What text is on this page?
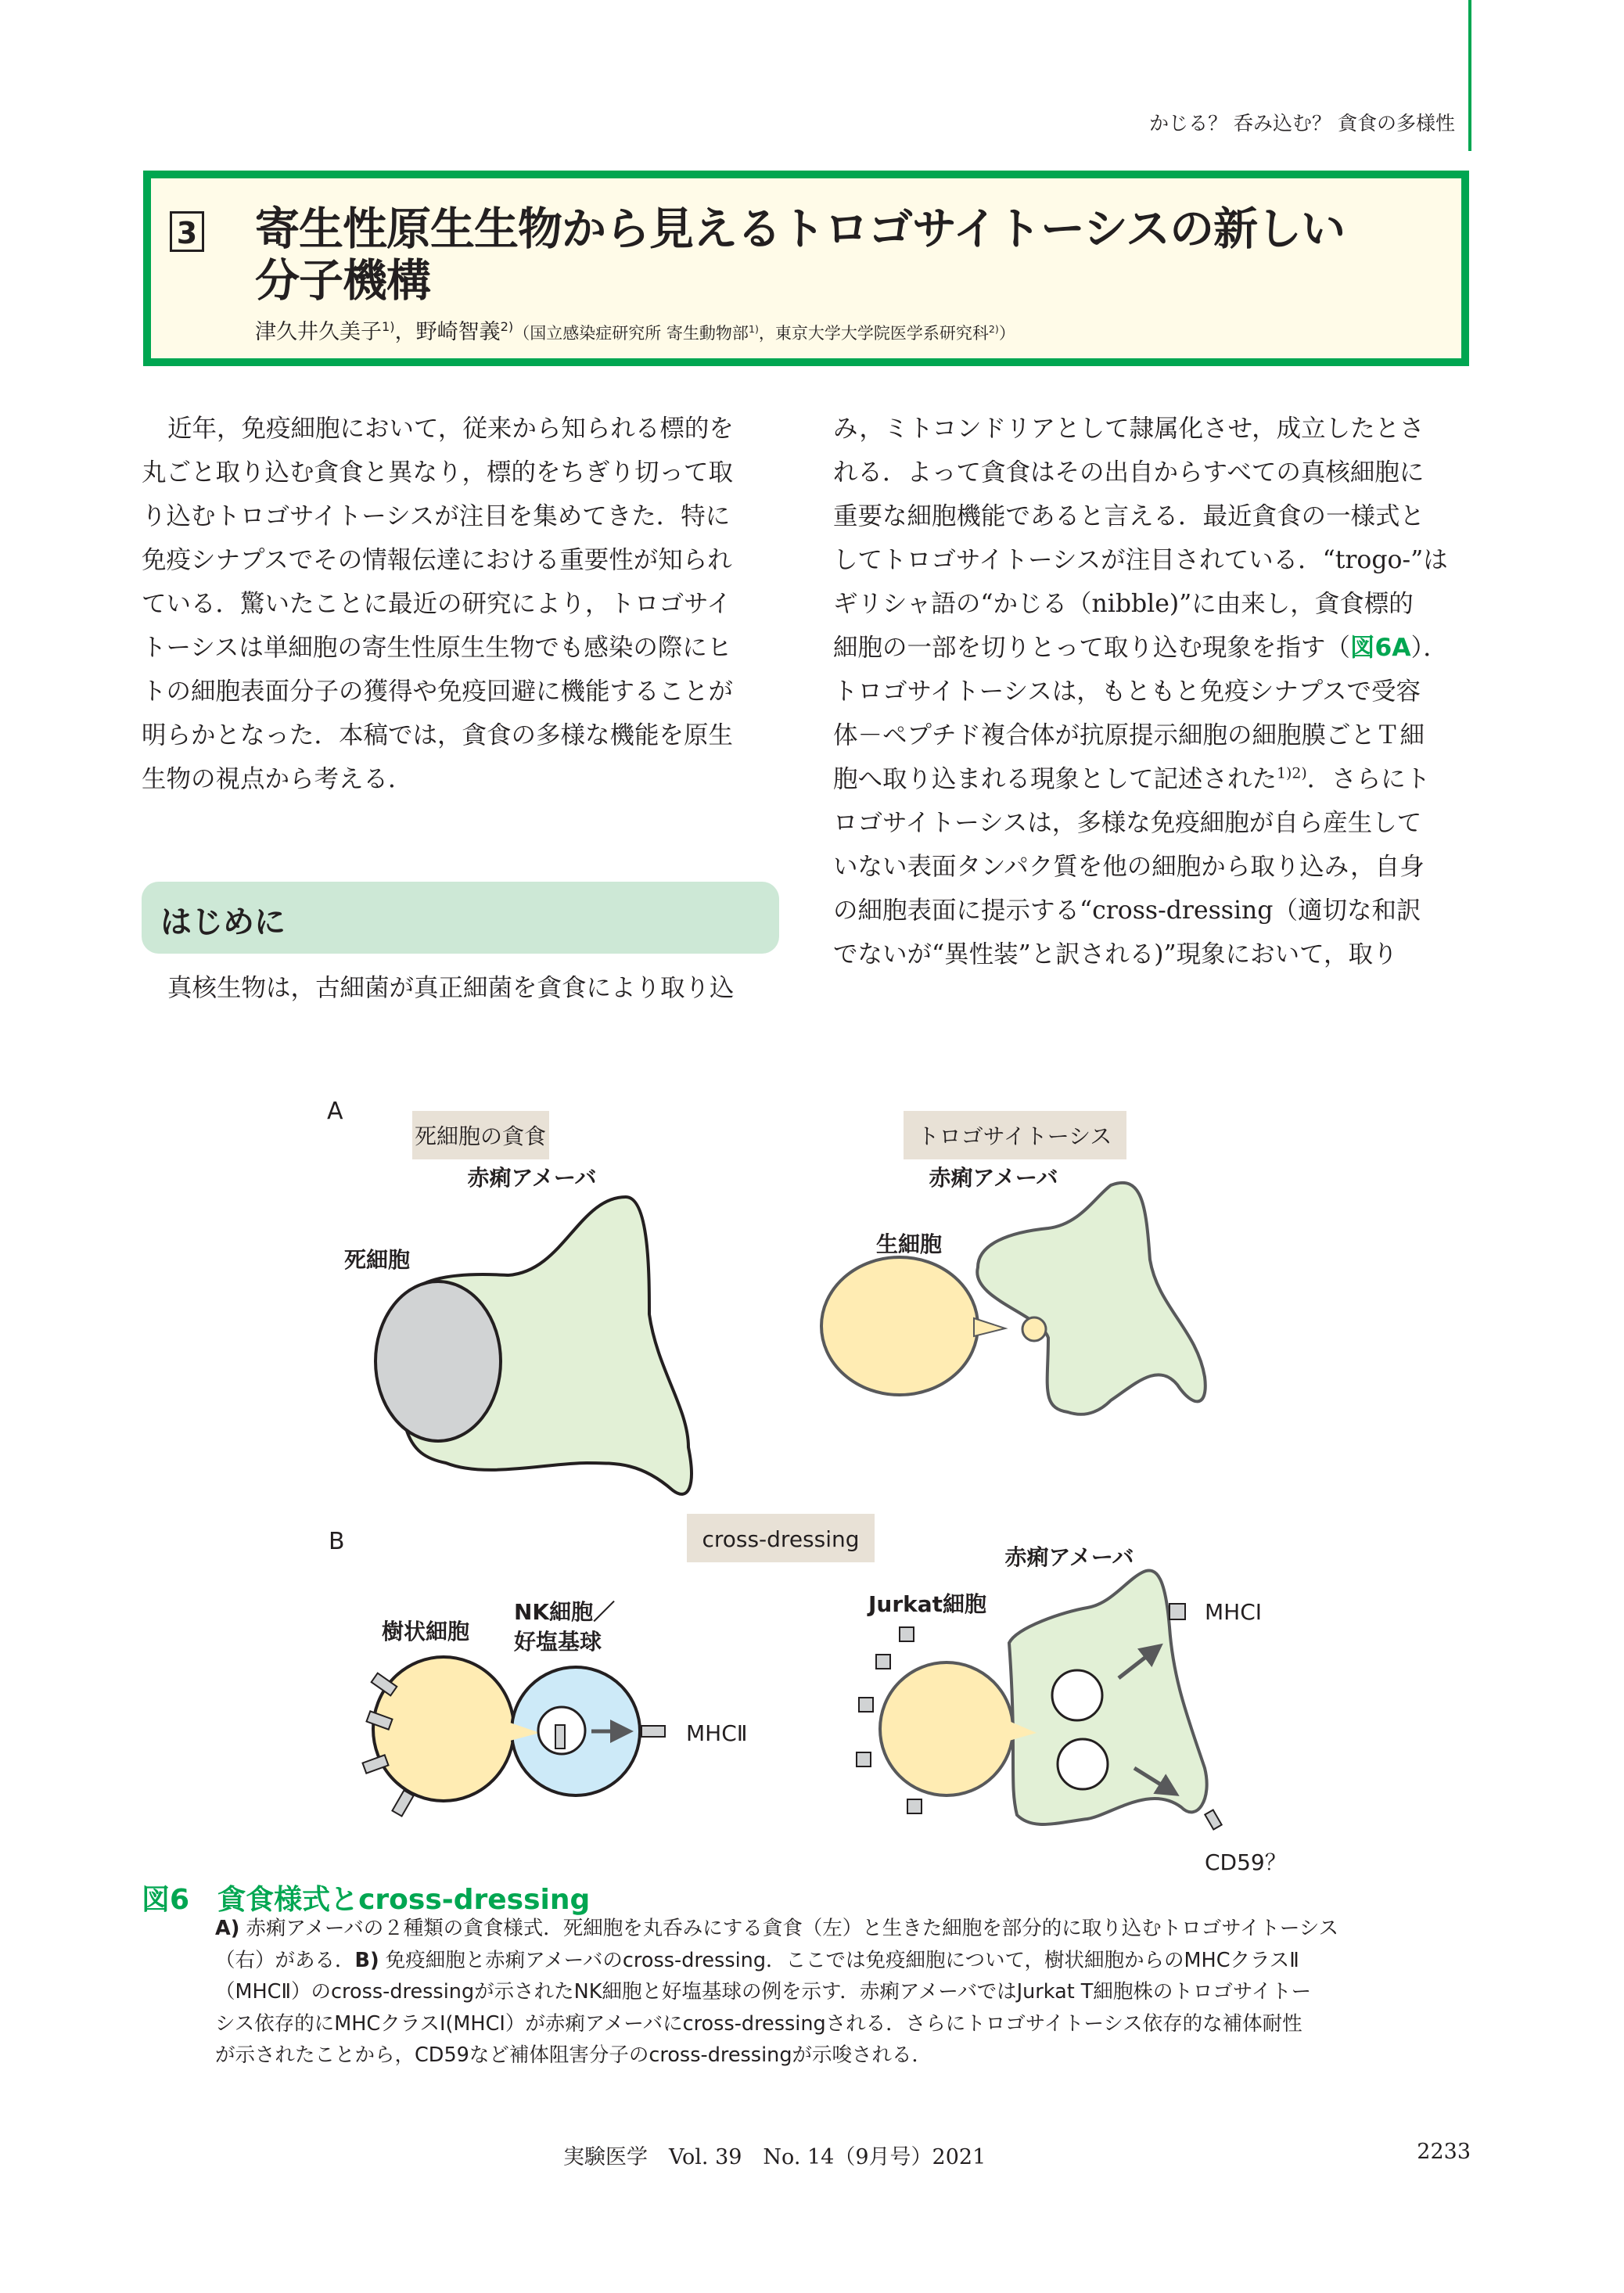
かじる？ 呑み込む？ 貪食の多様性
3 寄生性原生生物から見えるトロゴサイトーシスの新しい
分子機構
津久井久美子$^{1)}$，野崎智義$^{2)}$（国立感染症研究所 寄生動物部$^{1)}$，東京大学大学院医学系研究科$^{2)}$）

近年，免疫細胞において，従来から知られる標的を

丸ごと取り込む貪食と異なり，標的をちぎり切って取

り込むトロゴサイトーシスが注目を集めてきた．特に

免疫シナプスでその情報伝達における重要性が知られ

ている．驚いたことに最近の研究により，トロゴサイ

トーシスは単細胞の寄生性原生生物でも感染の際にヒ

トの細胞表面分子の獲得や免疫回避に機能することが

明らかとなった．本稿では，貪食の多様な機能を原生

生物の視点から考える．

はじめに

真核生物は，古細菌が真正細菌を貪食により取り込

み，ミトコンドリアとして隷属化させ，成立したとさ

れる．よって貪食はその出自からすべての真核細胞に

重要な細胞機能であると言える．最近貪食の一様式と

してトロゴサイトーシスが注目されている．“trogo-”は

ギリシャ語の“かじる（nibble)”に由来し，貪食標的

細胞の一部を切りとって取り込む現象を指す（図6A）．

トロゴサイトーシスは，もともと免疫シナプスで受容

体－ペプチド複合体が抗原提示細胞の細胞膜ごとＴ細

胞へ取り込まれる現象として記述された$^{1)2)}$．さらにト

ロゴサイトーシスは，多様な免疫細胞が自ら産生して

いない表面タンパク質を他の細胞から取り込み，自身

の細胞表面に提示する“cross-dressing（適切な和訳

でないが“異性装”と訳される)”現象において，取り

A
死細胞の貪食
赤痢アメーバ
死細胞
トロゴサイトーシス
赤痢アメーバ
生細胞
B	cross-dressing
樹状細胞
NK細胞／
好塩基球
MHCⅡ
赤痢アメーバ
Jurkat細胞	MHCⅠ
CD59？
図6　 貪食様式とcross-dressing

A) 赤痢アメーバの２種類の貪食様式．死細胞を丸呑みにする貪食（左）と生きた細胞を部分的に取り込むトロゴサイトーシス

（右）がある．B) 免疫細胞と赤痢アメーバのcross-dressing．ここでは免疫細胞について，樹状細胞からのMHCクラスⅡ

（MHCⅡ）のcross-dressingが示されたNK細胞と好塩基球の例を示す．赤痢アメーバではJurkat T細胞株のトロゴサイトー

シス依存的にMHCクラスⅠ(MHCⅠ）が赤痢アメーバにcross-dressingされる．さらにトロゴサイトーシス依存的な補体耐性

が示されたことから，CD59など補体阻害分子のcross-dressingが示唆される．

実験医学　Vol. 39　No. 14（9月号）2021	2233
